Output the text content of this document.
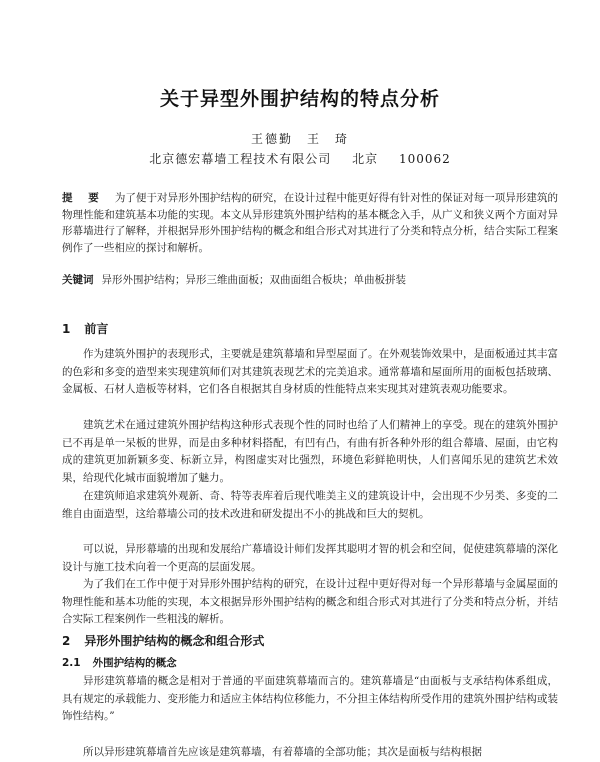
关于异型外围护结构的特点分析
王德勤　王　琦
北京德宏幕墙工程技术有限公司 北京 100062
提 要 为了便于对异形外围护结构的研究，在设计过程中能更好得有针对性的保证对每一项异形建筑的物理性能和建筑基本功能的实现。本文从异形建筑外围护结构的基本概念入手，从广义和狭义两个方面对异形幕墙进行了解释，并根据异形外围护结构的概念和组合形式对其进行了分类和特点分析，结合实际工程案例作了一些相应的探讨和解析。
关键词 异形外围护结构；异形三维曲面板；双曲面组合板块；单曲板拼装
1 前言
作为建筑外围护的表现形式，主要就是建筑幕墙和异型屋面了。在外观装饰效果中，是面板通过其丰富的色彩和多变的造型来实现建筑师们对其建筑表现艺术的完美追求。通常幕墙和屋面所用的面板包括玻璃、金属板、石材人造板等材料，它们各自根据其自身材质的性能特点来实现其对建筑表观功能要求。
建筑艺术在通过建筑外围护结构这种形式表现个性的同时也给了人们精神上的享受。现在的建筑外围护已不再是单一呆板的世界，而是由多种材料搭配，有凹有凸，有曲有折各种外形的组合幕墙、屋面，由它构成的建筑更加新颖多变、标新立异，构图虚实对比强烈，环境色彩鲜艳明快，人们喜闻乐见的建筑艺术效果，给现代化城市面貌增加了魅力。
在建筑师追求建筑外观新、奇、特等表库着后现代唯美主义的建筑设计中，会出现不少另类、多变的二维自由面造型，这给幕墙公司的技术改进和研发提出不小的挑战和巨大的契机。
可以说，异形幕墙的出现和发展给广幕墙设计师们发挥其聪明才智的机会和空间，促使建筑幕墙的深化设计与施工技术向着一个更高的层面发展。
为了我们在工作中便于对异形外围护结构的研究，在设计过程中更好得对每一个异形幕墙与金属屋面的物理性能和基本功能的实现，本文根据异形外围护结构的概念和组合形式对其进行了分类和特点分析，并结合实际工程案例作一些粗浅的解析。
2 异形外围护结构的概念和组合形式
2.1 外围护结构的概念
异形建筑幕墙的概念是相对于普通的平面建筑幕墙而言的。建筑幕墙是“由面板与支承结构体系组成，具有规定的承载能力、变形能力和适应主体结构位移能力，不分担主体结构所受作用的建筑外围护结构或装饰性结构。”
所以异形建筑幕墙首先应该是建筑幕墙，有着幕墙的全部功能；其次是面板与结构根据
